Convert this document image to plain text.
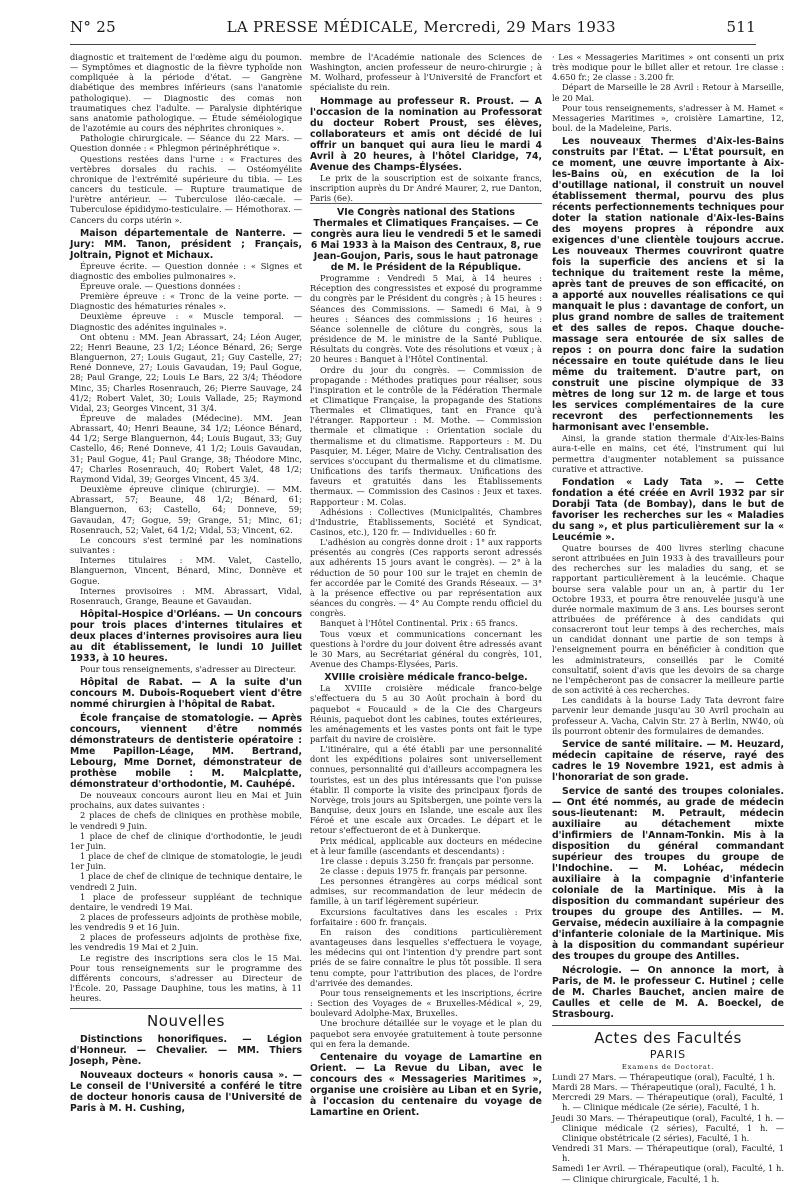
N° 25	LA PRESSE MÉDICALE, Mercredi, 29 Mars 1933	511

diagnostic et traitement de l'œdème aigu du poumon. — Symptômes et diagnostic de la fièvre typhoïde non compliquée à la période d'état. — Gangrène diabétique des membres inférieurs (sans l'anatomie pathologique). — Diagnostic des comas non traumatiques chez l'adulte. — Paralysie diphtérique sans anatomie pathologique. — Étude séméiologique de l'azotémie au cours des néphrites chroniques ».

Pathologie chirurgicale. — Séance du 22 Mars. — Question donnée : « Phlegmon périnéphrétique ».

Questions restées dans l'urne : « Fractures des vertèbres dorsales du rachis. — Ostéomyélite chronique de l'extrémité supérieure du tibia. — Les cancers du testicule. — Rupture traumatique de l'urètre antérieur. — Tuberculose iléo-cæcale. — Tuberculose épididymo-testiculaire. — Hémothorax. — Cancers du corps utérin ».

Maison départementale de Nanterre. — Jury: MM. Tanon, président ; Français, Joltrain, Pignot et Michaux.

Épreuve écrite. — Question donnée : « Signes et diagnostic des embolies pulmonaires ».

Épreuve orale. — Questions données :

Première épreuve : « Tronc de la veine porte. — Diagnostic des hématuries rénales ».

Deuxième épreuve : « Muscle temporal. — Diagnostic des adénites inguinales ».

Ont obtenu : MM. Jean Abrassart, 24; Léon Auger, 22; Henri Beaune, 23 1/2; Léonce Bénard, 26; Serge Blanguernon, 27; Louis Gugaut, 21; Guy Castelle, 27; René Donneve, 27; Louis Gavaudan, 19; Paul Gogue, 28; Paul Grange, 22; Louis Le Bars, 22 3/4; Théodore Minc, 35; Charles Rosenrauch, 26; Pierre Sauvage, 24 41/2; Robert Valet, 30; Louis Vallade, 25; Raymond Vidal, 23; Georges Vincent, 31 3/4.

Épreuve de malades (Médecine). MM. Jean Abrassart, 40; Henri Beaune, 34 1/2; Léonce Bénard, 44 1/2; Serge Blanguernon, 44; Louis Bugaut, 33; Guy Castello, 46; René Donneve, 41 1/2; Louis Gavaudan, 31; Paul Gogue, 41; Paul Grange, 38; Théodore Minc, 47; Charles Rosenrauch, 40; Robert Valet, 48 1/2; Raymond Vidal, 39; Georges Vincent, 45 3/4.

Deuxième épreuve clinique (chirurgie). — MM. Abrassart, 57; Beaune, 48 1/2; Bénard, 61; Blanguernon, 63; Castello, 64; Donneve, 59; Gavaudan, 47; Gogue, 59; Grange, 51; Minc, 61; Rosenrauch, 52; Valet, 64 1/2; Vidal, 53; Vincent, 62.

Le concours s'est terminé par les nominations suivantes :

Internes titulaires : MM. Valet, Castello, Blanguernon, Vincent, Bénard, Minc, Donnève et Gogue.

Internes provisoires : MM. Abrassart, Vidal, Rosenrauch, Grange, Beaune et Gavaudan.

Hôpital-Hospice d'Orléans. — Un concours pour trois places d'internes titulaires et deux places d'internes provisoires aura lieu au dit établissement, le lundi 10 Juillet 1933, à 10 heures.

Pour tous renseignements, s'adresser au Directeur.

Hôpital de Rabat. — A la suite d'un concours M. Dubois-Roquebert vient d'être nommé chirurgien à l'hôpital de Rabat.

École française de stomatologie. — Après concours, viennent d'être nommés démonstrateurs de dentisterie opératoire : Mme Papillon-Léage, MM. Bertrand, Lebourg, Mme Dornet, démonstrateur de prothèse mobile : M. Malcplatte, démonstrateur d'orthodontie, M. Cauhépé.

De nouveaux concours auront lieu en Mai et Juin prochains, aux dates suivantes :

2 places de chefs de cliniques en prothèse mobile, le vendredi 9 Juin.

1 place de chef de clinique d'orthodontie, le jeudi 1er Juin.

1 place de chef de clinique de stomatologie, le jeudi 1er Juin.

1 place de chef de clinique de technique dentaire, le vendredi 2 Juin.

1 place de professeur suppléant de technique dentaire, le vendredi 19 Mai.

2 places de professeurs adjoints de prothèse mobile, les vendredis 9 et 16 Juin.

2 places de professeurs adjoints de prothèse fixe, les vendredis 19 Mai et 2 Juin.

Le registre des inscriptions sera clos le 15 Mai. Pour tous renseignements sur le programme des différents concours, s'adresser au Directeur de l'École. 20, Passage Dauphine, tous les matins, à 11 heures.

Nouvelles

Distinctions honorifiques. — Légion d'Honneur. — Chevalier. — MM. Thiers Joseph, Pène.

Nouveaux docteurs « honoris causa ». — Le conseil de l'Université a conféré le titre de docteur honoris causa de l'Université de Paris à M. H. Cushing,

membre de l'Académie nationale des Sciences de Washington, ancien professeur de neuro-chirurgie ; à M. Wolhard, professeur à l'Université de Francfort et spécialiste du rein.

Hommage au professeur R. Proust. — A l'occasion de la nomination au Professorat du docteur Robert Proust, ses élèves, collaborateurs et amis ont décidé de lui offrir un banquet qui aura lieu le mardi 4 Avril à 20 heures, à l'hôtel Claridge, 74, Avenue des Champs-Élysées.

Le prix de la souscription est de soixante francs, inscription auprès du Dr André Maurer, 2, rue Danton, Paris (6e).

VIe Congrès national des Stations Thermales et Climatiques Françaises. — Ce congrès aura lieu le vendredi 5 et le samedi 6 Mai 1933 à la Maison des Centraux, 8, rue Jean-Goujon, Paris, sous le haut patronage de M. le Président de la République.

Programme : Vendredi 5 Mai, à 14 heures : Réception des congressistes et exposé du programme du congrès par le Président du congrès ; à 15 heures : Séances des Commissions. — Samedi 6 Mai, à 9 heures : Séances des commissions ; 16 heures : Séance solennelle de clôture du congrès, sous la présidence de M. le ministre de la Santé Publique. Résultats du congrès. Vote des résolutions et vœux ; à 20 heures : Banquet à l'Hôtel Continental.

Ordre du jour du congrès. — Commission de propagande : Méthodes pratiques pour réaliser, sous l'inspiration et le contrôle de la Fédération Thermale et Climatique Française, la propagande des Stations Thermales et Climatiques, tant en France qu'à l'étranger. Rapporteur : M. Mothe. — Commission thermale et climatique : Orientation sociale du thermalisme et du climatisme. Rapporteurs : M. Du Pasquier, M. Léger, Maire de Vichy. Centralisation des services s'occupant du thermalisme et du climatisme. Unifications des tarifs thermaux. Unifications des faveurs et gratuités dans les Établissements thermaux. — Commission des Casinos : Jeux et taxes. Rapporteur : M. Colas.

Adhésions : Collectives (Municipalités, Chambres d'Industrie, Établissements, Société et Syndicat, Casinos, etc.), 120 fr. — Individuelles : 60 fr.

L'adhésion au congrès donne droit : 1° aux rapports présentés au congrès (Ces rapports seront adressés aux adhérents 15 jours avant le congrès). — 2° à la réduction de 50 pour 100 sur le trajet en chemin de fer accordée par le Comité des Grands Réseaux. — 3° à la présence effective ou par représentation aux séances du congrès. — 4° Au Compte rendu officiel du congrès.

Banquet à l'Hôtel Continental. Prix : 65 francs.

Tous vœux et communications concernant les questions à l'ordre du jour doivent être adressés avant le 30 Mars, au Secrétariat général du congrès, 101, Avenue des Champs-Élysées, Paris.

XVIIIe croisière médicale franco-belge.

La XVIIIe croisière médicale franco-belge s'effectuera du 5 au 30 Août prochain à bord du paquebot « Foucauld » de la Cie des Chargeurs Réunis, paquebot dont les cabines, toutes extérieures, les aménagements et les vastes ponts ont fait le type parfait du navire de croisière.

L'itinéraire, qui a été établi par une personnalité dont les expéditions polaires sont universellement connues, personnalité qui d'ailleurs accompagnera les touristes, est un des plus intéressants que l'on puisse établir. Il comporte la visite des principaux fjords de Norvège, trois jours au Spitsbergen, une pointe vers la Banquise, deux jours en Islande, une escale aux îles Féroé et une escale aux Orcades. Le départ et le retour s'effectueront de et à Dunkerque.

Prix médical, applicable aux docteurs en médecine et à leur famille (ascendants et descendants) :

1re classe : depuis 3.250 fr. français par personne.

2e classe : depuis 1975 fr. français par personne.

Les personnes étrangères au corps médical sont admises, sur recommandation de leur médecin de famille, à un tarif légèrement supérieur.

Excursions facultatives dans les escales : Prix forfaitaire : 600 fr. français.

En raison des conditions particulièrement avantageuses dans lesquelles s'effectuera le voyage, les médecins qui ont l'intention d'y prendre part sont priés de se faire connaître le plus tôt possible. Il sera tenu compte, pour l'attribution des places, de l'ordre d'arrivée des demandes.

Pour tous renseignements et les inscriptions, écrire : Section des Voyages de « Bruxelles-Médical », 29, boulevard Adolphe-Max, Bruxelles.

Une brochure détaillée sur le voyage et le plan du paquebot sera envoyée gratuitement à toute personne qui en fera la demande.

Centenaire du voyage de Lamartine en Orient. — La Revue du Liban, avec le concours des « Messageries Maritimes », organise une croisière au Liban et en Syrie, à l'occasion du centenaire du voyage de Lamartine en Orient.

· Les « Messageries Maritimes » ont consenti un prix très modique pour le billet aller et retour. 1re classe : 4.650 fr.; 2e classe : 3.200 fr.

Départ de Marseille le 28 Avril : Retour à Marseille, le 20 Mai.

Pour tous renseignements, s'adresser à M. Hamet « Messageries Maritimes », croisière Lamartine, 12, boul. de la Madeleine, Paris.

Les nouveaux Thermes d'Aix-les-Bains construits par l'État. — L'État poursuit, en ce moment, une œuvre importante à Aix-les-Bains où, en exécution de la loi d'outillage national, il construit un nouvel établissement thermal, pourvu des plus récents perfectionnements techniques pour doter la station nationale d'Aix-les-Bains des moyens propres à répondre aux exigences d'une clientèle toujours accrue. Les nouveaux Thermes couvriront quatre fois la superficie des anciens et si la technique du traitement reste la même, après tant de preuves de son efficacité, on a apporté aux nouvelles réalisations ce qui manquait le plus : davantage de confort, un plus grand nombre de salles de traitement et des salles de repos. Chaque douche-massage sera entourée de six salles de repos : on pourra donc faire la sudation nécessaire en toute quiétude dans le lieu même du traitement. D'autre part, on construit une piscine olympique de 33 mètres de long sur 12 m. de large et tous les services complémentaires de la cure recevront des perfectionnements les harmonisant avec l'ensemble.

Ainsi, la grande station thermale d'Aix-les-Bains aura-t-elle en mains, cet été, l'instrument qui lui permettra d'augmenter notablement sa puissance curative et attractive.

Fondation « Lady Tata ». — Cette fondation a été créée en Avril 1932 par sir Dorabji Tata (de Bombay), dans le but de favoriser les recherches sur les « Maladies du sang », et plus particulièrement sur la « Leucémie ».

Quatre bourses de 400 livres sterling chacune seront attribuées en Juin 1933 à des travailleurs pour des recherches sur les maladies du sang, et se rapportant particulièrement à la leucémie. Chaque bourse sera valable pour un an, à partir du 1er Octobre 1933, et pourra être renouvelée jusqu'à une durée normale maximum de 3 ans. Les bourses seront attribuées de préférence à des candidats qui consacreront tout leur temps à des recherches, mais un candidat donnant une partie de son temps à l'enseignement pourra en bénéficier à condition que les administrateurs, conseillés par le Comité consultatif, soient d'avis que les devoirs de sa charge ne l'empêcheront pas de consacrer la meilleure partie de son activité à ces recherches.

Les candidats à la bourse Lady Tata devront faire parvenir leur demande jusqu'au 30 Avril prochain au professeur A. Vacha, Calvin Str. 27 à Berlin, NW40, où ils pourront obtenir des formulaires de demandes.

Service de santé militaire. — M. Heuzard, médecin capitaine de réserve, rayé des cadres le 19 Novembre 1921, est admis à l'honorariat de son grade.

Service de santé des troupes coloniales. — Ont été nommés, au grade de médecin sous-lieutenant: M. Petrault, médecin auxiliaire au détachement mixte d'infirmiers de l'Annam-Tonkin. Mis à la disposition du général commandant supérieur des troupes du groupe de l'Indochine. — M. Lohéac, médecin auxiliaire à la compagnie d'infanterie coloniale de la Martinique. Mis à la disposition du commandant supérieur des troupes du groupe des Antilles. — M. Gervaise, médecin auxiliaire à la compagnie d'infanterie coloniale de la Martinique. Mis à la disposition du commandant supérieur des troupes du groupe des Antilles.

Nécrologie. — On annonce la mort, à Paris, de M. le professeur C. Hutinel ; celle de M. Charles Bauchet, ancien maire de Caulles et celle de M. A. Boeckel, de Strasbourg.

Actes des Facultés

PARIS

Examens de Doctorat.

Lundi 27 Mars. — Thérapeutique (oral), Faculté, 1 h.

Mardi 28 Mars. — Thérapeutique (oral), Faculté, 1 h.

Mercredi 29 Mars. — Thérapeutique (oral), Faculté, 1 h. — Clinique médicale (2e série), Faculté, 1 h.

Jeudi 30 Mars. — Thérapeutique (oral), Faculté, 1 h. — Clinique médicale (2 séries), Faculté, 1 h. — Clinique obstétricale (2 séries), Faculté, 1 h.

Vendredi 31 Mars. — Thérapeutique (oral), Faculté, 1 h.

Samedi 1er Avril. — Thérapeutique (oral), Faculté, 1 h. — Clinique chirurgicale, Faculté, 1 h.
